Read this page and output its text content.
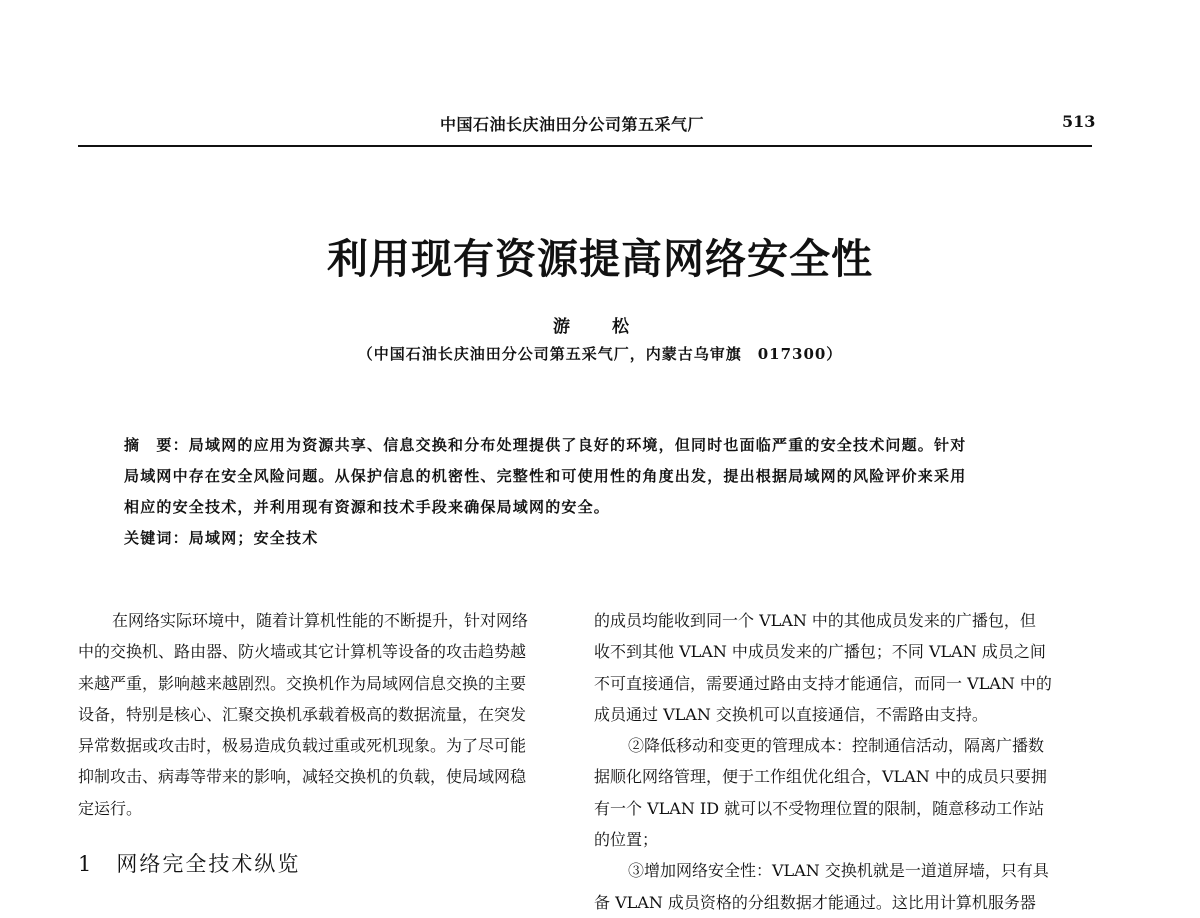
中国石油长庆油田分公司第五采气厂	513
利用现有资源提高网络安全性
游 松
（中国石油长庆油田分公司第五采气厂，内蒙古乌审旗　017300）

摘　要：局域网的应用为资源共享、信息交换和分布处理提供了良好的环境，但同时也面临严重的安全技术问题。针对

局域网中存在安全风险问题。从保护信息的机密性、完整性和可使用性的角度出发，提出根据局域网的风险评价来采用

相应的安全技术，并利用现有资源和技术手段来确保局域网的安全。

关键词：局域网；安全技术

在网络实际环境中，随着计算机性能的不断提升，针对网络

中的交换机、路由器、防火墙或其它计算机等设备的攻击趋势越

来越严重，影响越来越剧烈。交换机作为局域网信息交换的主要

设备，特别是核心、汇聚交换机承载着极高的数据流量，在突发

异常数据或攻击时，极易造成负载过重或死机现象。为了尽可能

抑制攻击、病毒等带来的影响，减轻交换机的负载，使局域网稳

定运行。

1　网络完全技术纵览

的成员均能收到同一个 VLAN 中的其他成员发来的广播包，但

收不到其他 VLAN 中成员发来的广播包；不同 VLAN 成员之间

不可直接通信，需要通过路由支持才能通信，而同一 VLAN 中的

成员通过 VLAN 交换机可以直接通信，不需路由支持。

②降低移动和变更的管理成本：控制通信活动，隔离广播数

据顺化网络管理，便于工作组优化组合，VLAN 中的成员只要拥

有一个 VLAN ID 就可以不受物理位置的限制，随意移动工作站

的位置；

③增加网络安全性：VLAN 交换机就是一道道屏墙，只有具

备 VLAN 成员资格的分组数据才能通过。这比用计算机服务器
